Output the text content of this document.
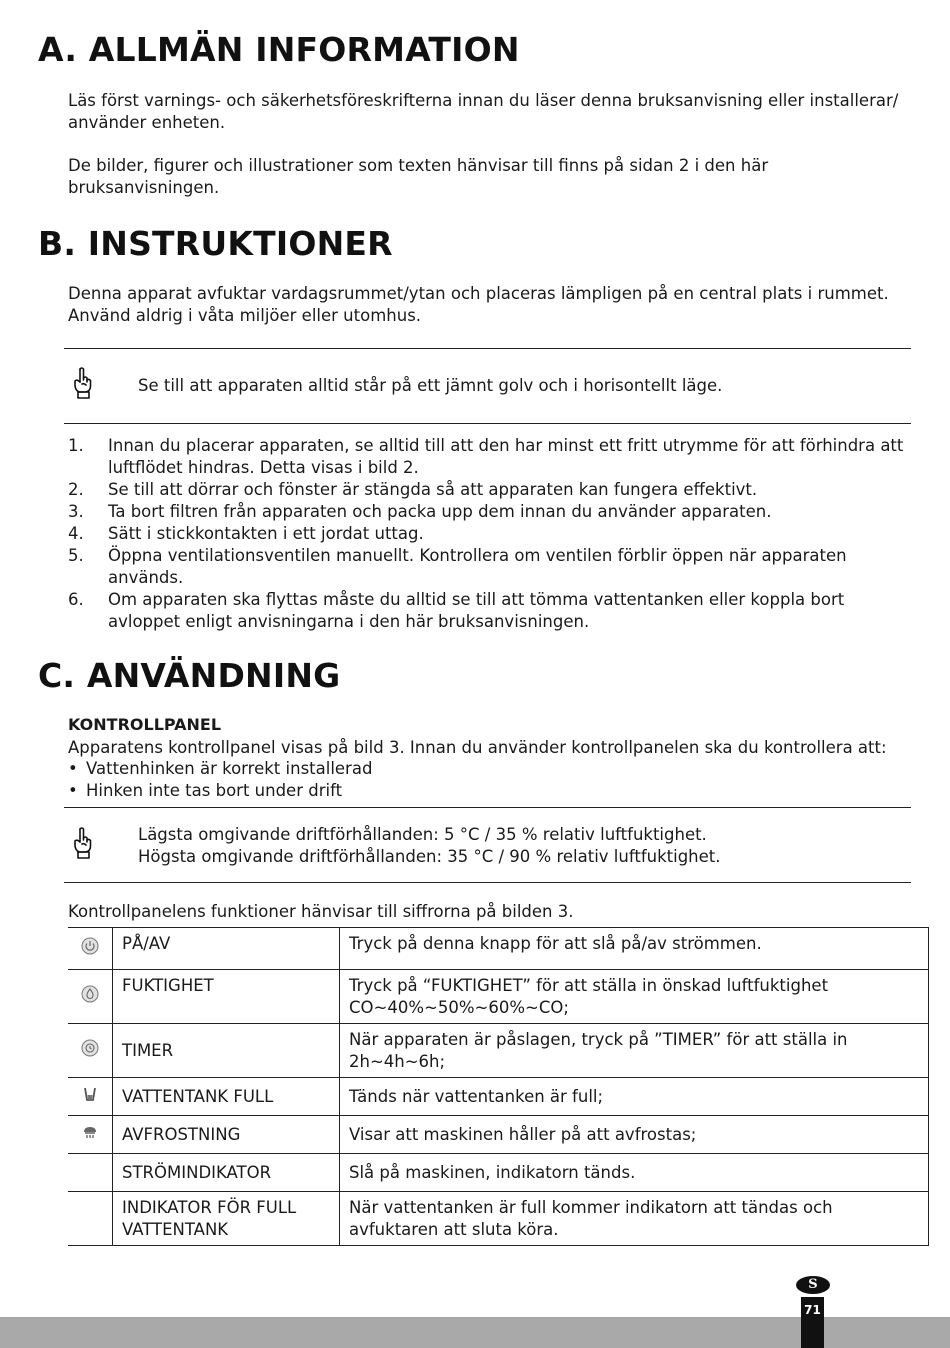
A. ALLMÄN INFORMATION

Läs först varnings- och säkerhetsföreskrifterna innan du läser denna bruksanvisning eller installerar/ använder enheten.

De bilder, figurer och illustrationer som texten hänvisar till finns på sidan 2 i den här bruksanvisningen.

B. INSTRUKTIONER

Denna apparat avfuktar vardagsrummet/ytan och placeras lämpligen på en central plats i rummet. Använd aldrig i våta miljöer eller utomhus.

Se till att apparaten alltid står på ett jämnt golv och i horisontellt läge.

1. Innan du placerar apparaten, se alltid till att den har minst ett fritt utrymme för att förhindra att luftflödet hindras. Detta visas i bild 2.
2. Se till att dörrar och fönster är stängda så att apparaten kan fungera effektivt.
3. Ta bort filtren från apparaten och packa upp dem innan du använder apparaten.
4. Sätt i stickkontakten i ett jordat uttag.
5. Öppna ventilationsventilen manuellt. Kontrollera om ventilen förblir öppen när apparaten används.
6. Om apparaten ska flyttas måste du alltid se till att tömma vattentanken eller koppla bort avloppet enligt anvisningarna i den här bruksanvisningen.
C. ANVÄNDNING

KONTROLLPANEL

Apparatens kontrollpanel visas på bild 3. Innan du använder kontrollpanelen ska du kontrollera att:

• Vattenhinken är korrekt installerad
• Hinken inte tas bort under drift

Lägsta omgivande driftförhållanden: 5 °C / 35 % relativ luftfuktighet.

Högsta omgivande driftförhållanden: 35 °C / 90 % relativ luftfuktighet.

Kontrollpanelens funktioner hänvisar till siffrorna på bilden 3.

	PÅ/AV	Tryck på denna knapp för att slå på/av strömmen.
	FUKTIGHET	Tryck på “FUKTIGHET” för att ställa in önskad luftfuktighet CO~40%~50%~60%~CO;
	TIMER	När apparaten är påslagen, tryck på ”TIMER” för att ställa in 2h~4h~6h;
	VATTENTANK FULL	Tänds när vattentanken är full;
	AVFROSTNING	Visar att maskinen håller på att avfrostas;
	STRÖMINDIKATOR	Slå på maskinen, indikatorn tänds.
	INDIKATOR FÖR FULL VATTENTANK	När vattentanken är full kommer indikatorn att tändas och avfuktaren att sluta köra.
S
71
